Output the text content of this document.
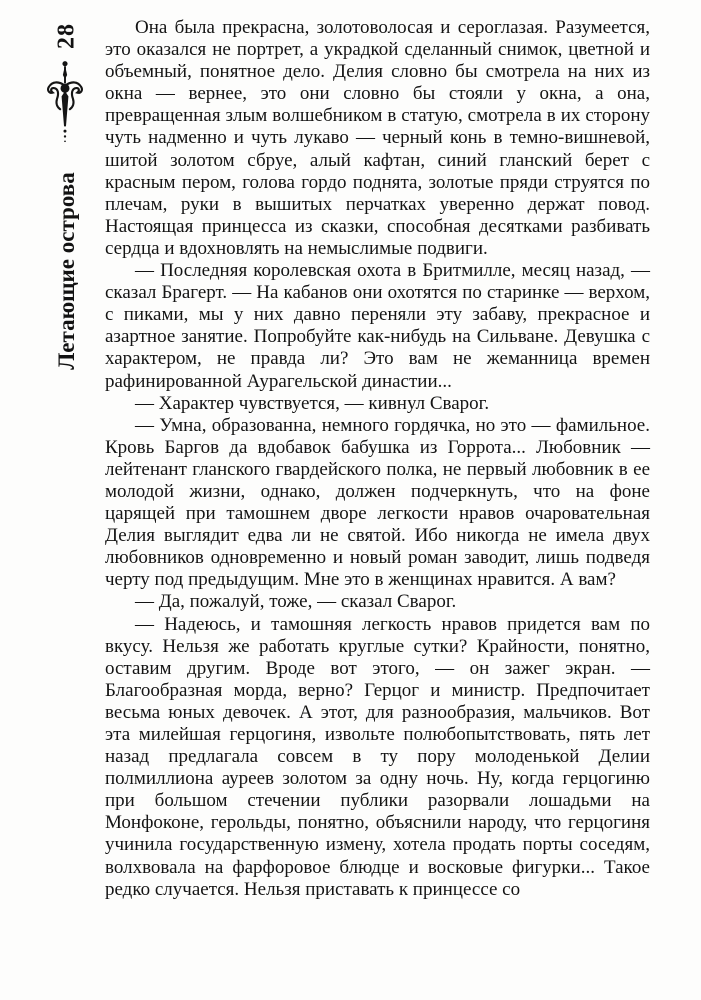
28
Летающие острова

Она была прекрасна, золотоволосая и сероглазая. Разумеется, это оказался не портрет, а украдкой сделанный снимок, цветной и объемный, понятное дело. Делия словно бы смотрела на них из окна — вернее, это они словно бы стояли у окна, а она, превращенная злым волшебником в статую, смотрела в их сторону чуть надменно и чуть лукаво — черный конь в темно-вишневой, шитой золотом сбруе, алый кафтан, синий гланский берет с красным пером, голова гордо поднята, золотые пряди струятся по плечам, руки в вышитых перчатках уверенно держат повод. Настоящая принцесса из сказки, способная десятками разбивать сердца и вдохновлять на немыслимые подвиги.

— Последняя королевская охота в Бритмилле, месяц назад, — сказал Брагерт. — На кабанов они охотятся по старинке — верхом, с пиками, мы у них давно переняли эту забаву, прекрасное и азартное занятие. Попробуйте как-нибудь на Сильване. Девушка с характером, не правда ли? Это вам не жеманница времен рафинированной Аурагельской династии...

— Характер чувствуется, — кивнул Сварог.

— Умна, образованна, немного гордячка, но это — фамильное. Кровь Баргов да вдобавок бабушка из Горрота... Любовник — лейтенант гланского гвардейского полка, не первый любовник в ее молодой жизни, однако, должен подчеркнуть, что на фоне царящей при тамошнем дворе легкости нравов очаровательная Делия выглядит едва ли не святой. Ибо никогда не имела двух любовников одновременно и новый роман заводит, лишь подведя черту под предыдущим. Мне это в женщинах нравится. А вам?

— Да, пожалуй, тоже, — сказал Сварог.

— Надеюсь, и тамошняя легкость нравов придется вам по вкусу. Нельзя же работать круглые сутки? Крайности, понятно, оставим другим. Вроде вот этого, — он зажег экран. — Благообразная морда, верно? Герцог и министр. Предпочитает весьма юных девочек. А этот, для разнообразия, мальчиков. Вот эта милейшая герцогиня, извольте полюбопытствовать, пять лет назад предлагала совсем в ту пору молоденькой Делии полмиллиона ауреев золотом за одну ночь. Ну, когда герцогиню при большом стечении публики разорвали лошадьми на Монфоконе, герольды, понятно, объяснили народу, что герцогиня учинила государственную измену, хотела продать порты соседям, волхвовала на фарфоровое блюдце и восковые фигурки... Такое редко случается. Нельзя приставать к принцессе со
